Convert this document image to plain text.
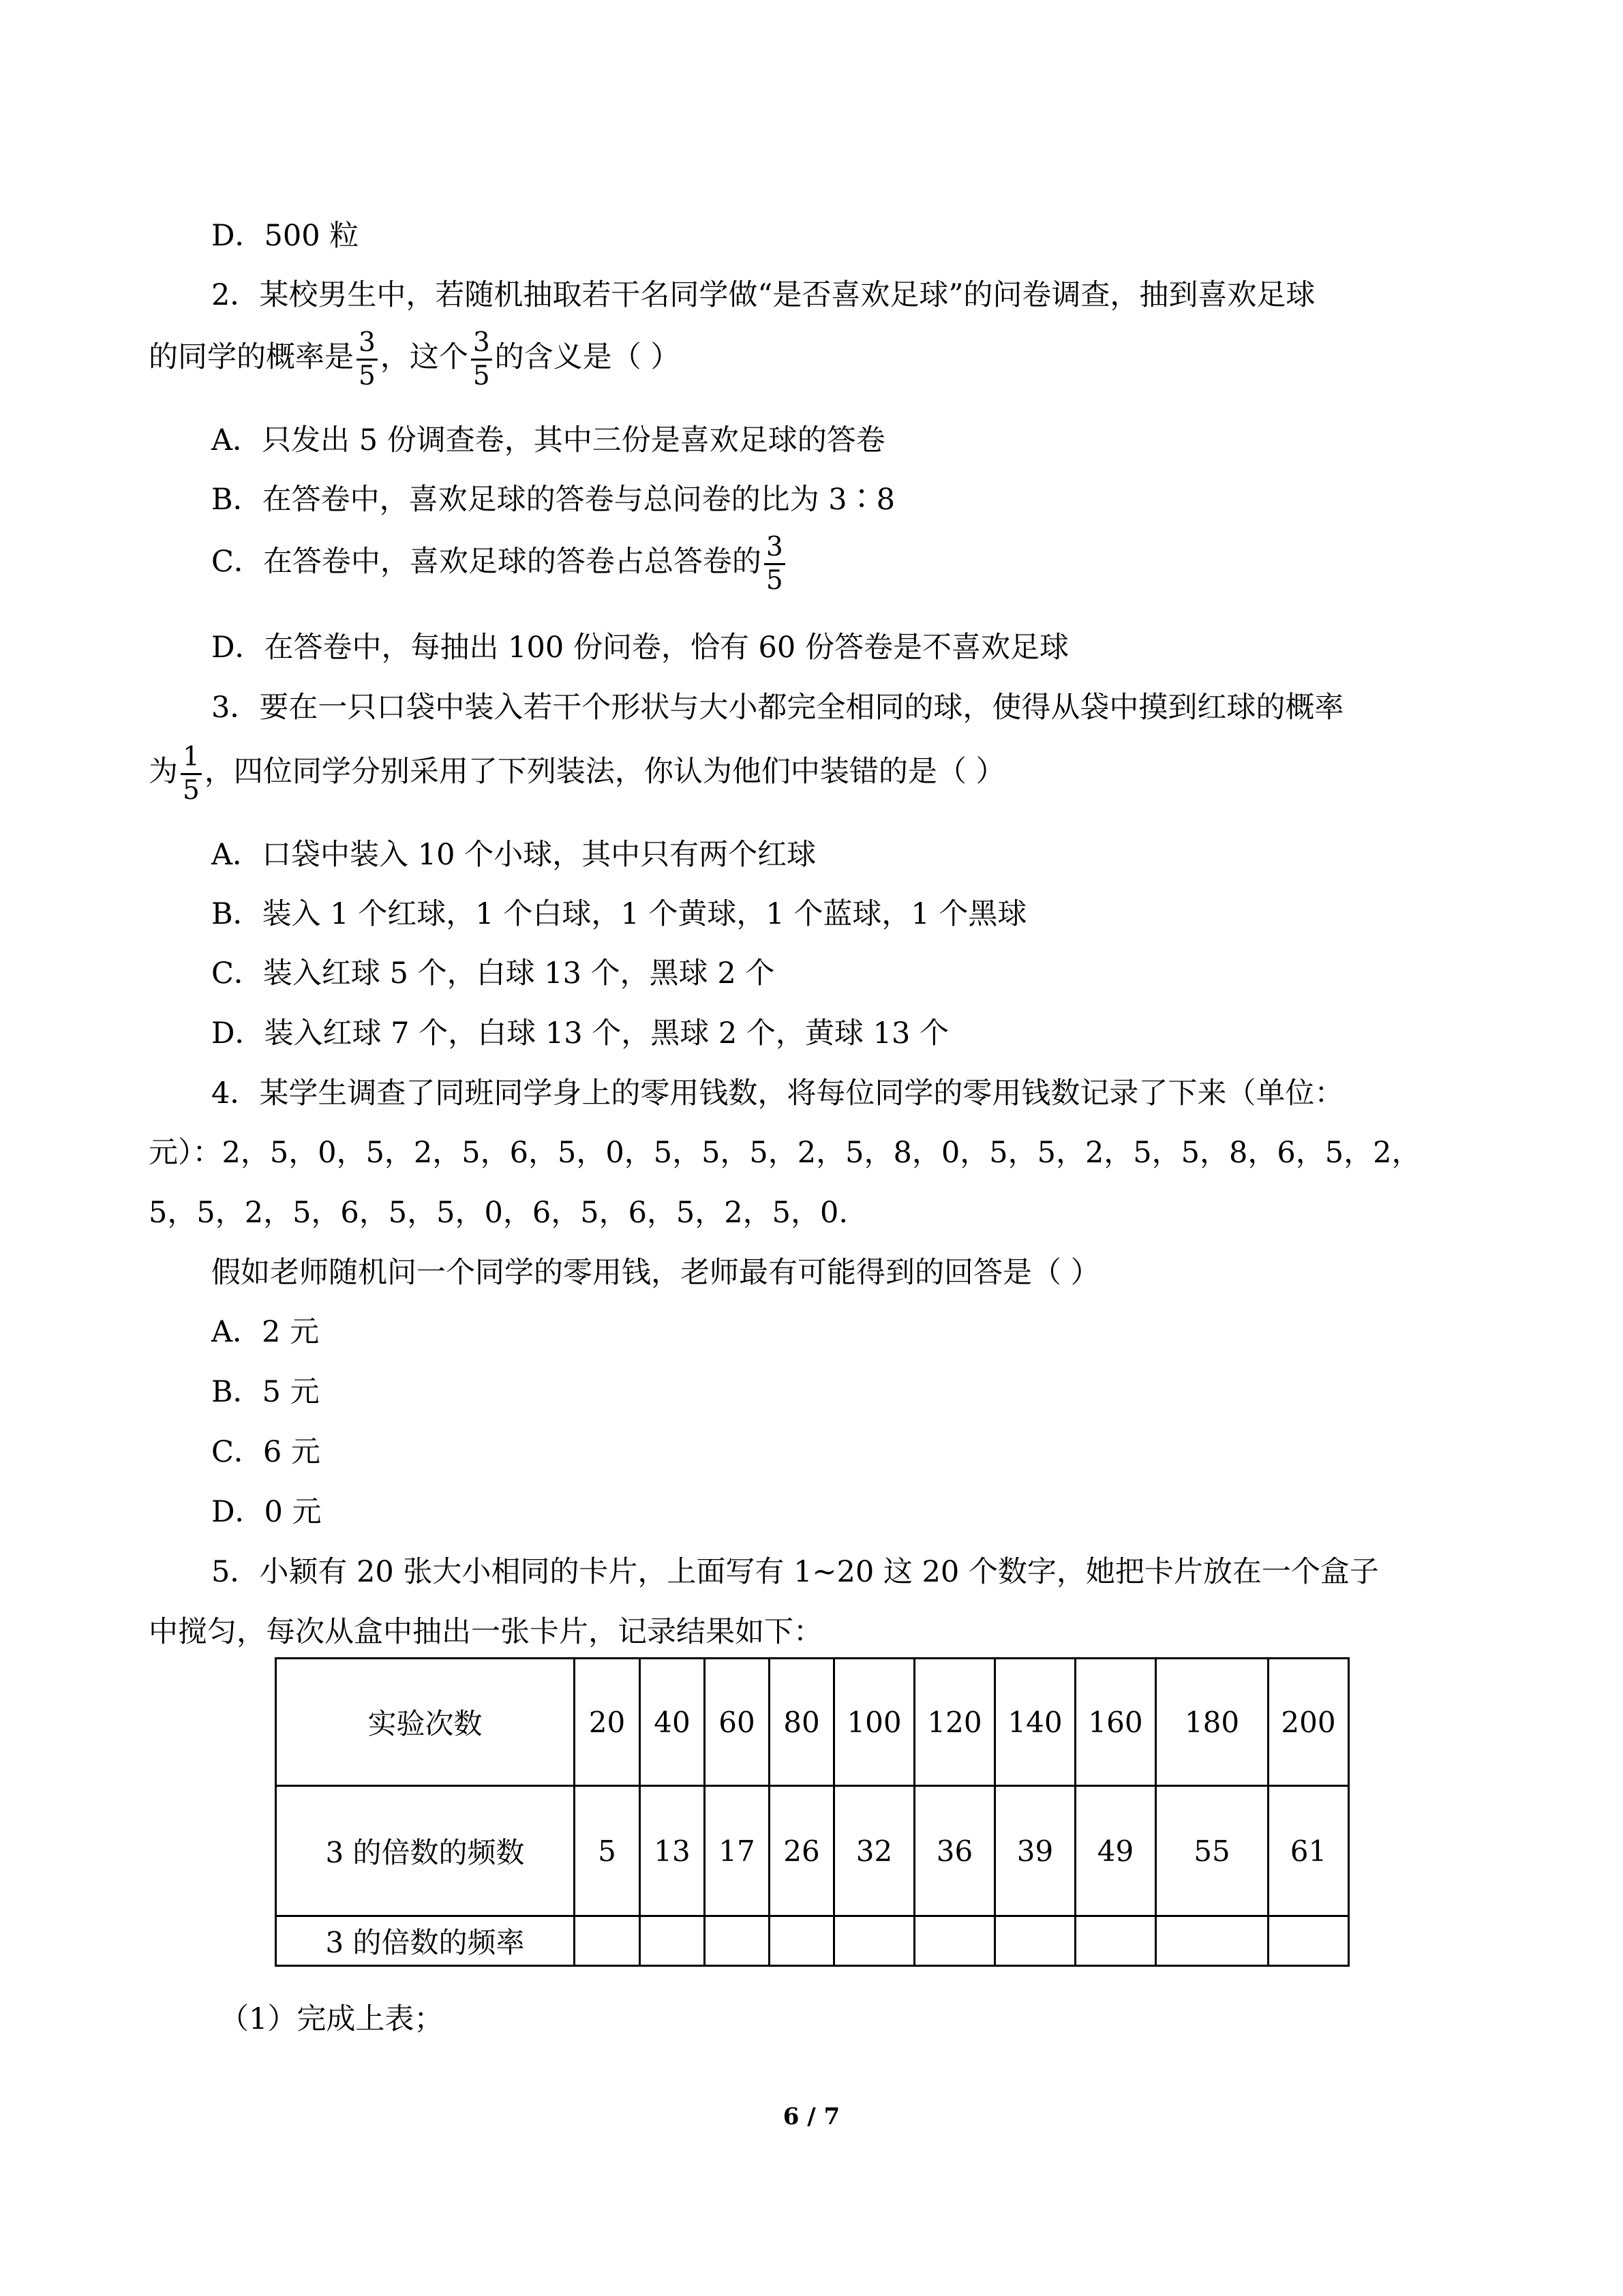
D．500 粒
2．某校男生中，若随机抽取若干名同学做“是否喜欢足球”的问卷调查，抽到喜欢足球
的同学的概率是 $\frac{3}{5}$ ，这个 $\frac{3}{5}$ 的含义是（ ）
A．只发出 5 份调查卷，其中三份是喜欢足球的答卷
B．在答卷中，喜欢足球的答卷与总问卷的比为 3∶8
C．在答卷中，喜欢足球的答卷占总答卷的 $\frac{3}{5}$
D．在答卷中，每抽出 100 份问卷，恰有 60 份答卷是不喜欢足球
3．要在一只口袋中装入若干个形状与大小都完全相同的球，使得从袋中摸到红球的概率
为 $\frac{1}{5}$ ，四位同学分别采用了下列装法，你认为他们中装错的是（ ）
A．口袋中装入 10 个小球，其中只有两个红球
B．装入 1 个红球，1 个白球，1 个黄球，1 个蓝球，1 个黑球
C．装入红球 5 个，白球 13 个，黑球 2 个
D．装入红球 7 个，白球 13 个，黑球 2 个，黄球 13 个
4．某学生调查了同班同学身上的零用钱数，将每位同学的零用钱数记录了下来（单位：
元）：2，5，0，5，2，5，6，5，0，5，5，5，2，5，8，0，5，5，2，5，5，8，6，5，2，
5，5，2，5，6，5，5，0，6，5，6，5，2，5，0.
假如老师随机问一个同学的零用钱，老师最有可能得到的回答是（ ）
A．2 元
B．5 元
C．6 元
D．0 元
5．小颖有 20 张大小相同的卡片，上面写有 1~20 这 20 个数字，她把卡片放在一个盒子
中搅匀，每次从盒中抽出一张卡片，记录结果如下：
实验次数	20	40	60	80	100	120	140	160	180	200
3 的倍数的频数	5	13	17	26	32	36	39	49	55	61
3 的倍数的频率										
（1）完成上表；
6 / 7
